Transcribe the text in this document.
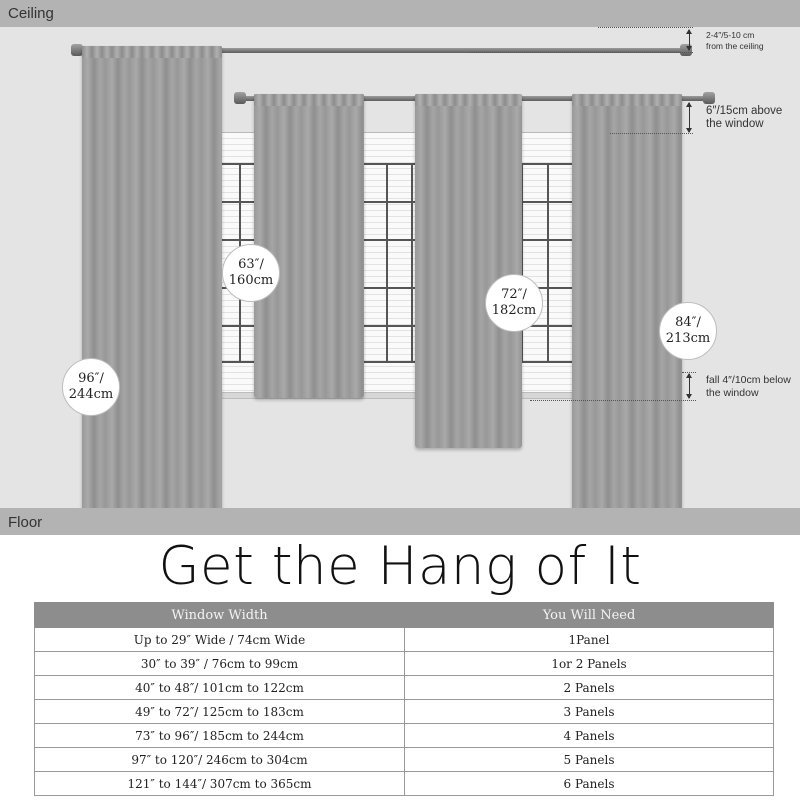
Ceiling
96″/
244cm
63″/
160cm
72″/
182cm
84″/
213cm
2-4″/5-10 cm
from the ceiling
6″/15cm above
the window
fall 4″/10cm below
the window
Floor
Get the Hang of It
Window Width	You Will Need
Up to 29″ Wide / 74cm Wide	1Panel
30″ to 39″ / 76cm to 99cm	1or 2 Panels
40″ to 48″/ 101cm to 122cm	2 Panels
49″ to 72″/ 125cm to 183cm	3 Panels
73″ to 96″/ 185cm to 244cm	4 Panels
97″ to 120″/ 246cm to 304cm	5 Panels
121″ to 144″/ 307cm to 365cm	6 Panels
